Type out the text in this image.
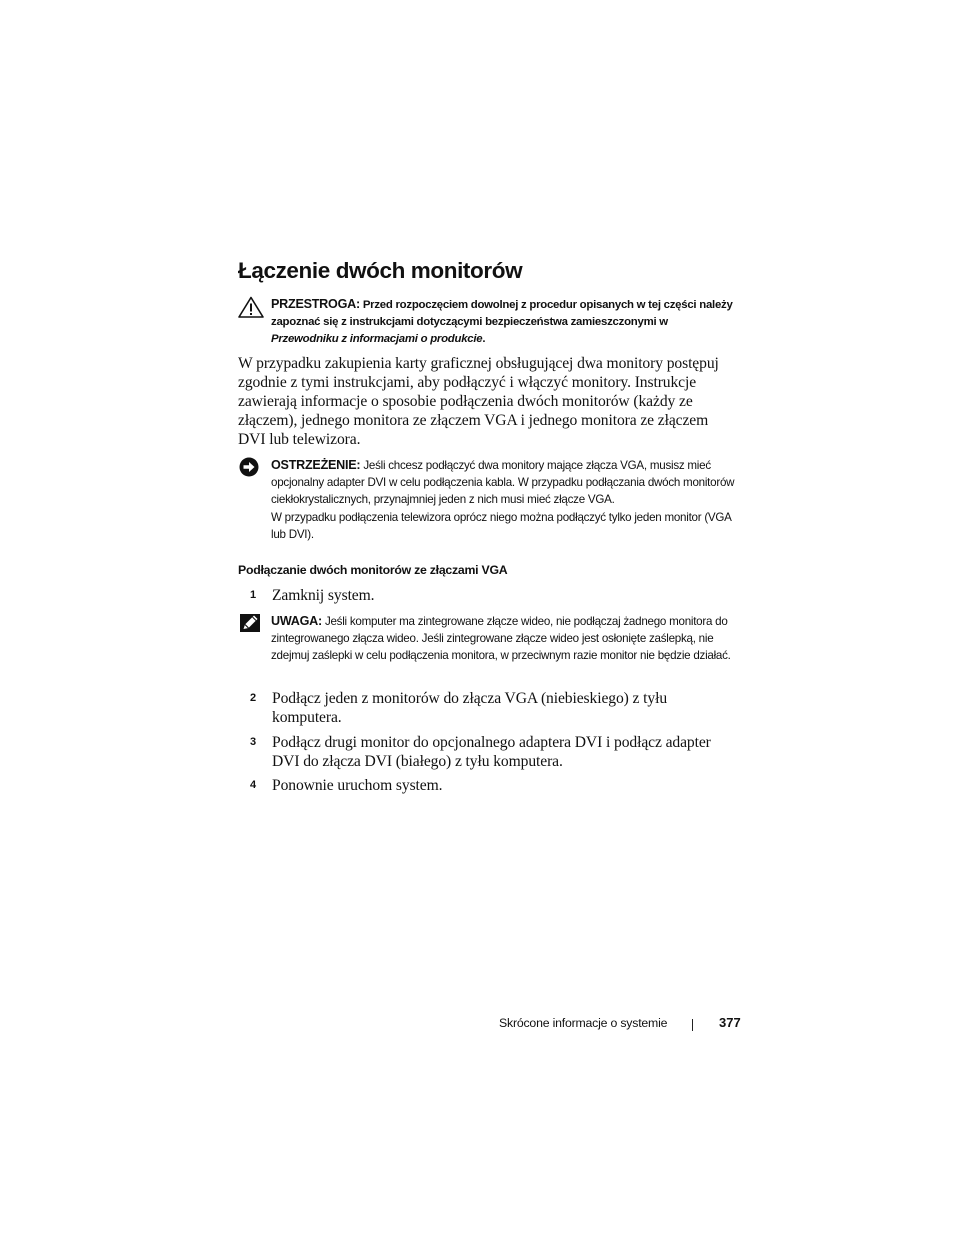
Łączenie dwóch monitorów
PRZESTROGA: Przed rozpoczęciem dowolnej z procedur opisanych w tej części należy zapoznać się z instrukcjami dotyczącymi bezpieczeństwa zamieszczonymi w Przewodniku z informacjami o produkcie.

W przypadku zakupienia karty graficznej obsługującej dwa monitory postępuj zgodnie z tymi instrukcjami, aby podłączyć i włączyć monitory. Instrukcje zawierają informacje o sposobie podłączenia dwóch monitorów (każdy ze złączem), jednego monitora ze złączem VGA i jednego monitora ze złączem DVI lub telewizora.

OSTRZEŻENIE: Jeśli chcesz podłączyć dwa monitory mające złącza VGA, musisz mieć opcjonalny adapter DVI w celu podłączenia kabla. W przypadku podłączania dwóch monitorów ciekłokrystalicznych, przynajmniej jeden z nich musi mieć złącze VGA.
W przypadku podłączenia telewizora oprócz niego można podłączyć tylko jeden monitor (VGA lub DVI).
Podłączanie dwóch monitorów ze złączami VGA
1 Zamknij system.
UWAGA: Jeśli komputer ma zintegrowane złącze wideo, nie podłączaj żadnego monitora do zintegrowanego złącza wideo. Jeśli zintegrowane złącze wideo jest osłonięte zaślepką, nie zdejmuj zaślepki w celu podłączenia monitora, w przeciwnym razie monitor nie będzie działać.
2 Podłącz jeden z monitorów do złącza VGA (niebieskiego) z tyłu komputera.
3 Podłącz drugi monitor do opcjonalnego adaptera DVI i podłącz adapter DVI do złącza DVI (białego) z tyłu komputera.
4 Ponownie uruchom system.
Skrócone informacje o systemie	377
